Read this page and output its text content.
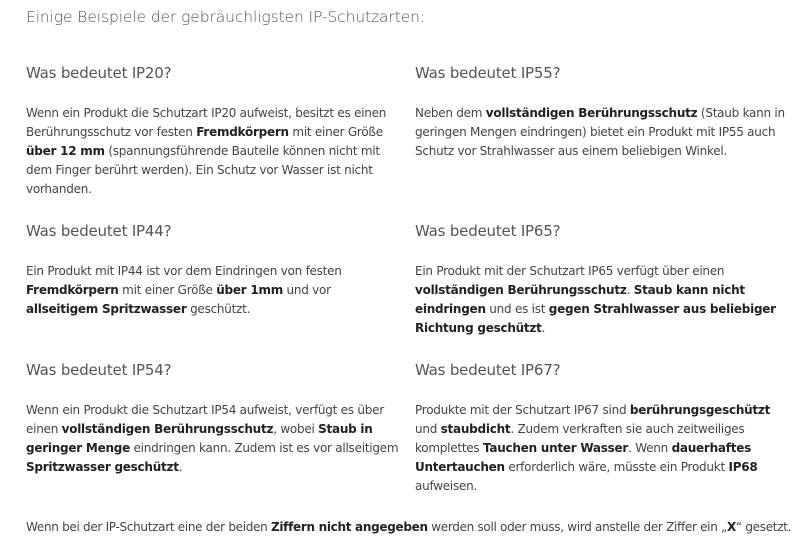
Einige Beispiele der gebräuchligsten IP-Schutzarten:
Was bedeutet IP20?

Wenn ein Produkt die Schutzart IP20 aufweist, besitzt es einen Berührungsschutz vor festen Fremdkörpern mit einer Größe über 12 mm (spannungsführende Bauteile können nicht mit dem Finger berührt werden). Ein Schutz vor Wasser ist nicht vorhanden.

Was bedeutet IP55?

Neben dem vollständigen Berührungsschutz (Staub kann in geringen Mengen eindringen) bietet ein Produkt mit IP55 auch Schutz vor Strahlwasser aus einem beliebigen Winkel.

Was bedeutet IP44?

Ein Produkt mit IP44 ist vor dem Eindringen von festen Fremdkörpern mit einer Größe über 1mm und vor allseitigem Spritzwasser geschützt.

Was bedeutet IP65?

Ein Produkt mit der Schutzart IP65 verfügt über einen vollständigen Berührungsschutz. Staub kann nicht eindringen und es ist gegen Strahlwasser aus beliebiger Richtung geschützt.

Was bedeutet IP54?

Wenn ein Produkt die Schutzart IP54 aufweist, verfügt es über einen vollständigen Berührungsschutz, wobei Staub in geringer Menge eindringen kann. Zudem ist es vor allseitigem Spritzwasser geschützt.

Was bedeutet IP67?

Produkte mit der Schutzart IP67 sind berührungsgeschützt und staubdicht. Zudem verkraften sie auch zeitweiliges komplettes Tauchen unter Wasser. Wenn dauerhaftes Untertauchen erforderlich wäre, müsste ein Produkt IP68 aufweisen.

Wenn bei der IP-Schutzart eine der beiden Ziffern nicht angegeben werden soll oder muss, wird anstelle der Ziffer ein „X“ gesetzt.
